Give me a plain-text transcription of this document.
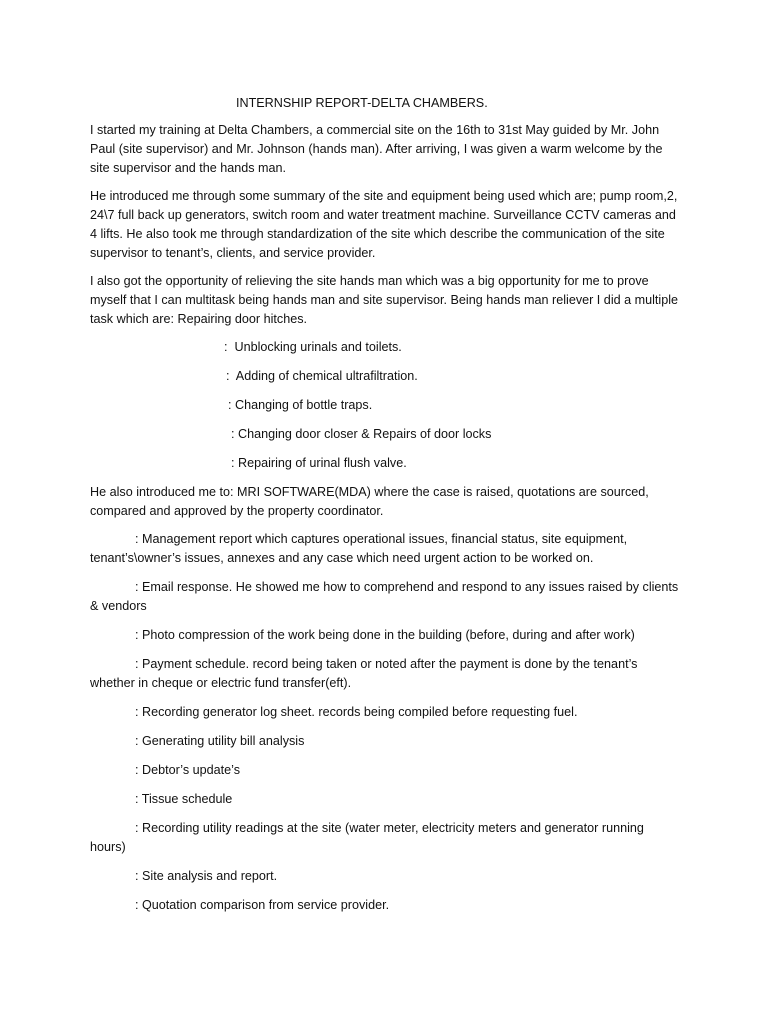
INTERNSHIP REPORT-DELTA CHAMBERS.

I started my training at Delta Chambers, a commercial site on the 16th to 31st May guided by Mr. John Paul (site supervisor) and Mr. Johnson (hands man). After arriving, I was given a warm welcome by the site supervisor and the hands man.

He introduced me through some summary of the site and equipment being used which are; pump room,2, 24\7 full back up generators, switch room and water treatment machine. Surveillance CCTV cameras and 4 lifts. He also took me through standardization of the site which describe the communication of the site supervisor to tenant’s, clients, and service provider.

I also got the opportunity of relieving the site hands man which was a big opportunity for me to prove myself that I can multitask being hands man and site supervisor. Being hands man reliever I did a multiple task which are: Repairing door hitches.

:  Unblocking urinals and toilets.
:  Adding of chemical ultrafiltration.
: Changing of bottle traps.
: Changing door closer & Repairs of door locks
: Repairing of urinal flush valve.

He also introduced me to: MRI SOFTWARE(MDA) where the case is raised, quotations are sourced, compared and approved by the property coordinator.

: Management report which captures operational issues, financial status, site equipment, tenant’s\owner’s issues, annexes and any case which need urgent action to be worked on.

: Email response. He showed me how to comprehend and respond to any issues raised by clients & vendors

: Photo compression of the work being done in the building (before, during and after work)

: Payment schedule. record being taken or noted after the payment is done by the tenant’s whether in cheque or electric fund transfer(eft).

: Recording generator log sheet. records being compiled before requesting fuel.

: Generating utility bill analysis

: Debtor’s update’s

: Tissue schedule

: Recording utility readings at the site (water meter, electricity meters and generator running hours)

: Site analysis and report.

: Quotation comparison from service provider.
